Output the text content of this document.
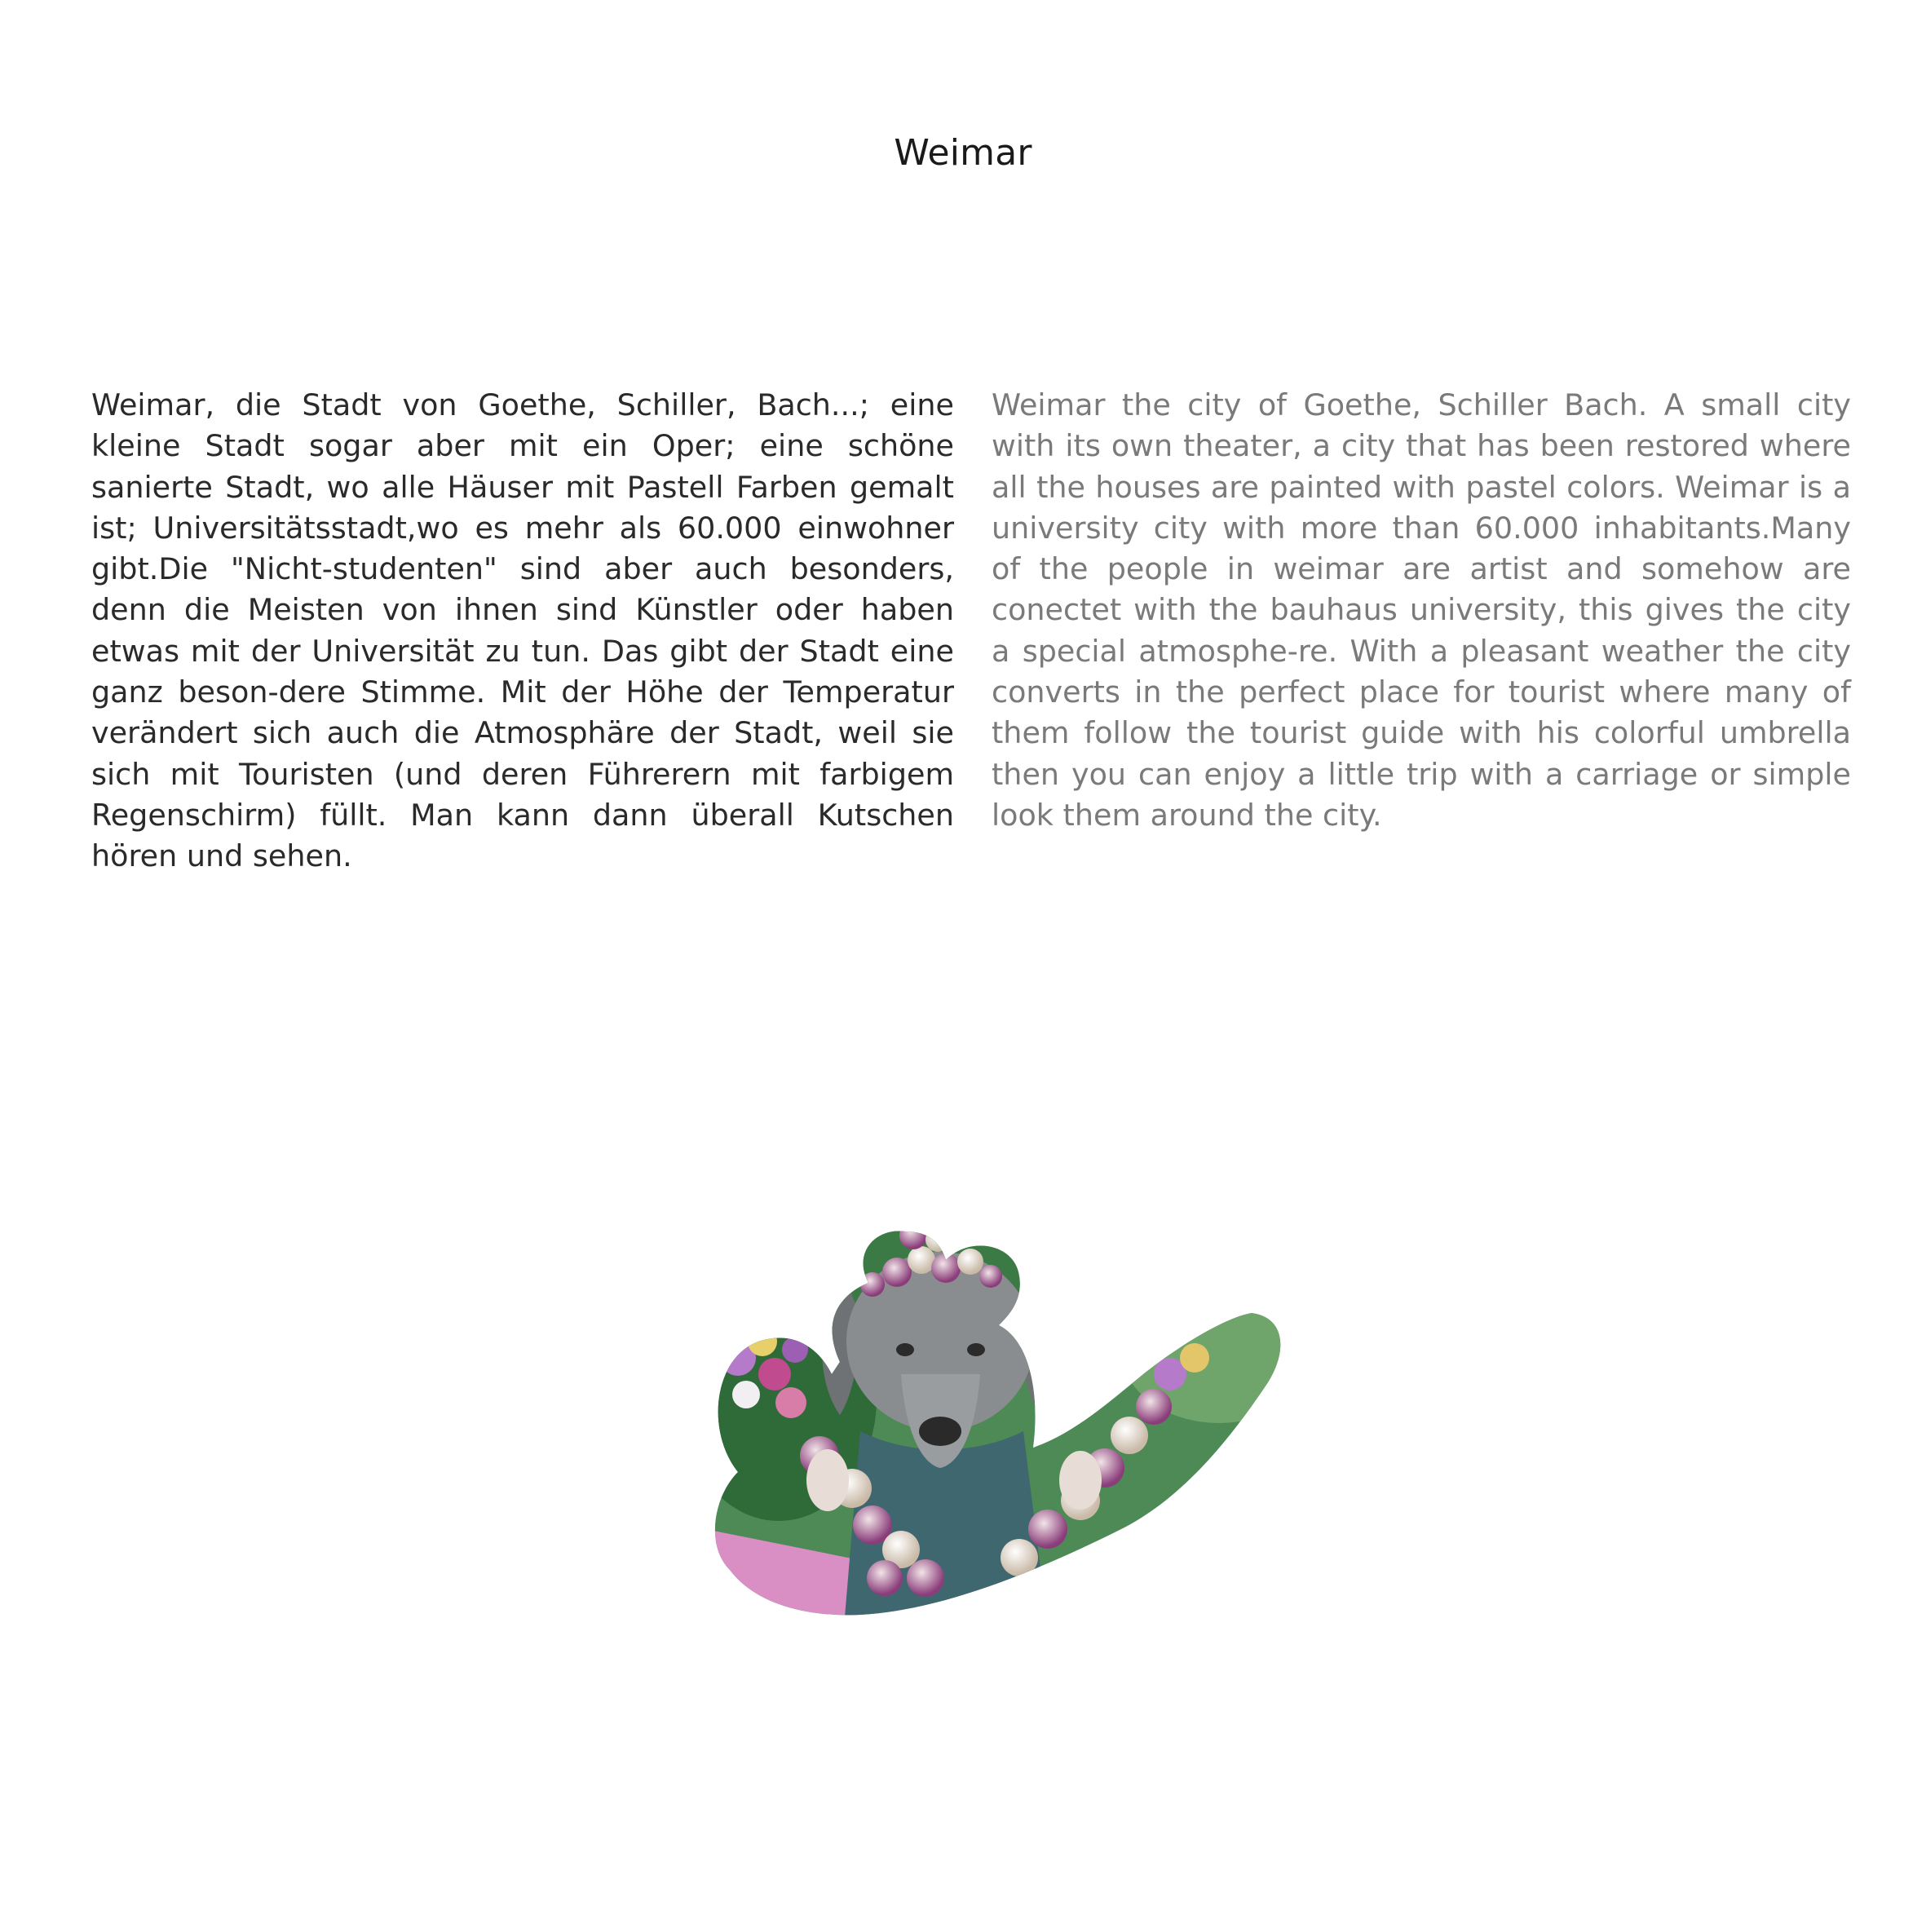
Weimar
Weimar, die Stadt von Goethe, Schiller, Bach...; eine kleine Stadt sogar aber mit ein Oper; eine schöne sanierte Stadt, wo alle Häuser mit Pastell Farben gemalt ist; Universitätsstadt,wo es mehr als 60.000 einwohner gibt.Die "Nicht-studenten" sind aber auch besonders, denn die Meisten von ihnen sind Künstler oder haben etwas mit der Universität zu tun. Das gibt der Stadt eine ganz beson-dere Stimme. Mit der Höhe der Temperatur verändert sich auch die Atmosphäre der Stadt, weil sie sich mit Touristen (und deren Führerern mit farbigem Regenschirm) füllt. Man kann dann überall Kutschen hören und sehen.
Weimar the city of Goethe, Schiller Bach. A small city with its own theater, a city that has been restored where all the houses are painted with pastel colors. Weimar is a university city with more than 60.000 inhabitants.Many of the people in weimar are artist and somehow are conectet with the bauhaus university, this gives the city a special atmosphe-re. With a pleasant weather the city converts in the perfect place for tourist where many of them follow the tourist guide with his colorful umbrella then you can enjoy a little trip with a carriage or simple look them around the city.
